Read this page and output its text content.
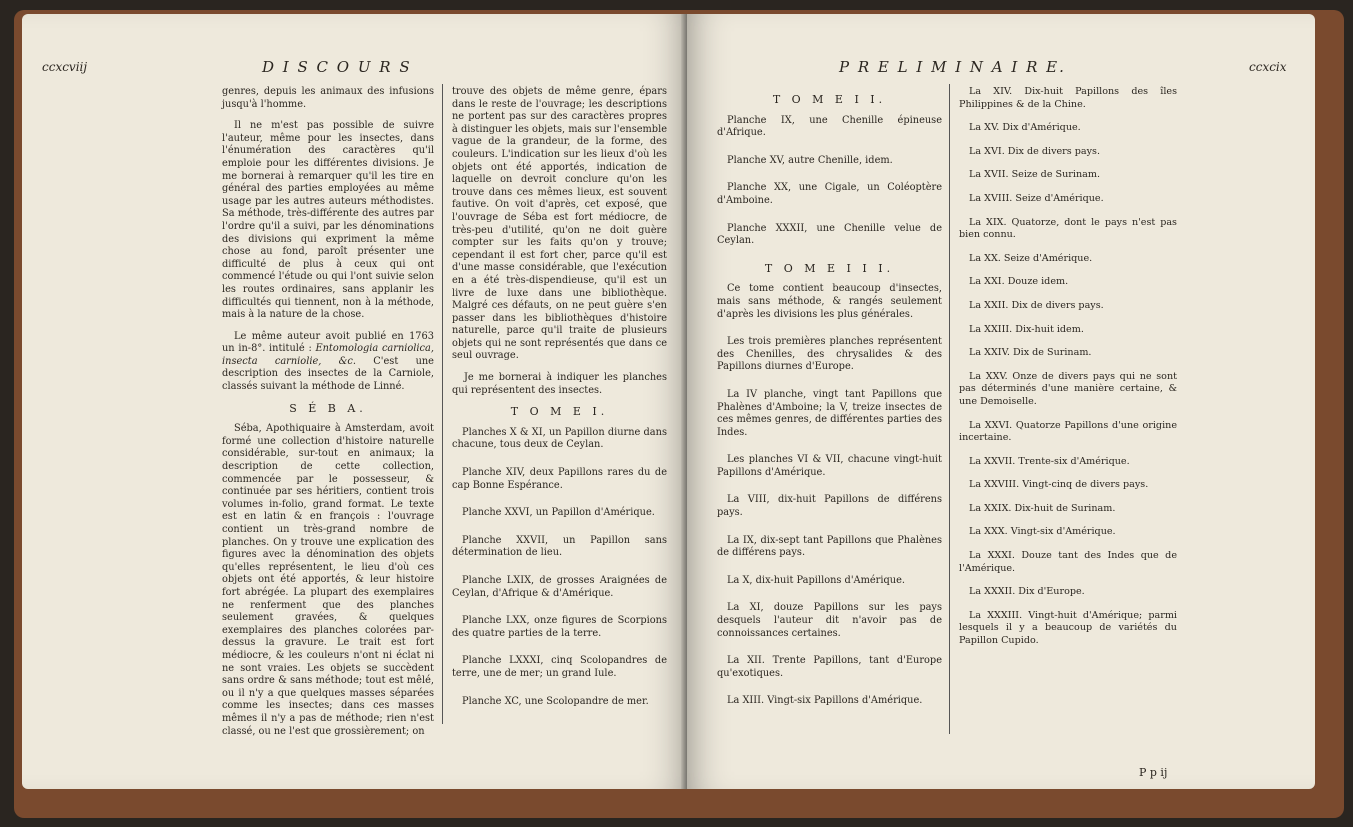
ccxcviij	D I S C O U R S

genres, depuis les animaux des infusions jusqu'à l'homme.

Il ne m'est pas possible de suivre l'auteur, même pour les insectes, dans l'énumération des caractères qu'il emploie pour les différentes divisions. Je me bornerai à remarquer qu'il les tire en général des parties employées au même usage par les autres auteurs méthodistes. Sa méthode, très-différente des autres par l'ordre qu'il a suivi, par les dénominations des divisions qui expriment la même chose au fond, paroît présenter une difficulté de plus à ceux qui ont commencé l'étude ou qui l'ont suivie selon les routes ordinaires, sans applanir les difficultés qui tiennent, non à la méthode, mais à la nature de la chose.

Le même auteur avoit publié en 1763 un in-8°. intitulé : Entomologia carniolica, insecta carniolie, &c. C'est une description des insectes de la Carniole, classés suivant la méthode de Linné.

S É B A.

Séba, Apothiquaire à Amsterdam, avoit formé une collection d'histoire naturelle considérable, sur-tout en animaux; la description de cette collection, commencée par le possesseur, & continuée par ses héritiers, contient trois volumes in-folio, grand format. Le texte est en latin & en françois : l'ouvrage contient un très-grand nombre de planches. On y trouve une explication des figures avec la dénomination des objets qu'elles représentent, le lieu d'où ces objets ont été apportés, & leur histoire fort abrégée. La plupart des exemplaires ne renferment que des planches seulement gravées, & quelques exemplaires des planches colorées par-dessus la gravure. Le trait est fort médiocre, & les couleurs n'ont ni éclat ni ne sont vraies. Les objets se succèdent sans ordre & sans méthode; tout est mêlé, ou il n'y a que quelques masses séparées comme les insectes; dans ces masses mêmes il n'y a pas de méthode; rien n'est classé, ou ne l'est que grossièrement; on

trouve des objets de même genre, épars dans le reste de l'ouvrage; les descriptions ne portent pas sur des caractères propres à distinguer les objets, mais sur l'ensemble vague de la grandeur, de la forme, des couleurs. L'indication sur les lieux d'où les objets ont été apportés, indication de laquelle on devroit conclure qu'on les trouve dans ces mêmes lieux, est souvent fautive. On voit d'après, cet exposé, que l'ouvrage de Séba est fort médiocre, de très-peu d'utilité, qu'on ne doit guère compter sur les faits qu'on y trouve; cependant il est fort cher, parce qu'il est d'une masse considérable, que l'exécution en a été très-dispendieuse, qu'il est un livre de luxe dans une bibliothèque. Malgré ces défauts, on ne peut guère s'en passer dans les bibliothèques d'histoire naturelle, parce qu'il traite de plusieurs objets qui ne sont représentés que dans ce seul ouvrage.

Je me bornerai à indiquer les planches qui représentent des insectes.

T O M E I.

Planches X & XI, un Papillon diurne dans chacune, tous deux de Ceylan.

Planche XIV, deux Papillons rares du de cap Bonne Espérance.

Planche XXVI, un Papillon d'Amérique.

Planche XXVII, un Papillon sans détermination de lieu.

Planche LXIX, de grosses Araignées de Ceylan, d'Afrique & d'Amérique.

Planche LXX, onze figures de Scorpions des quatre parties de la terre.

Planche LXXXI, cinq Scolopandres de terre, une de mer; un grand Iule.

Planche XC, une Scolopandre de mer.

P R E L I M I N A I R E.	ccxcix
T O M E I I.

Planche IX, une Chenille épineuse d'Afrique.

Planche XV, autre Chenille, idem.

Planche XX, une Cigale, un Coléoptère d'Amboine.

Planche XXXII, une Chenille velue de Ceylan.

T O M E I I I.

Ce tome contient beaucoup d'insectes, mais sans méthode, & rangés seulement d'après les divisions les plus générales.

Les trois premières planches représentent des Chenilles, des chrysalides & des Papillons diurnes d'Europe.

La IV planche, vingt tant Papillons que Phalènes d'Amboine; la V, treize insectes de ces mêmes genres, de différentes parties des Indes.

Les planches VI & VII, chacune vingt-huit Papillons d'Amérique.

La VIII, dix-huit Papillons de différens pays.

La IX, dix-sept tant Papillons que Phalènes de différens pays.

La X, dix-huit Papillons d'Amérique.

La XI, douze Papillons sur les pays desquels l'auteur dit n'avoir pas de connoissances certaines.

La XII. Trente Papillons, tant d'Europe qu'exotiques.

La XIII. Vingt-six Papillons d'Amérique.

La XIV. Dix-huit Papillons des îles Philippines & de la Chine.

La XV. Dix d'Amérique.

La XVI. Dix de divers pays.

La XVII. Seize de Surinam.

La XVIII. Seize d'Amérique.

La XIX. Quatorze, dont le pays n'est pas bien connu.

La XX. Seize d'Amérique.

La XXI. Douze idem.

La XXII. Dix de divers pays.

La XXIII. Dix-huit idem.

La XXIV. Dix de Surinam.

La XXV. Onze de divers pays qui ne sont pas déterminés d'une manière certaine, & une Demoiselle.

La XXVI. Quatorze Papillons d'une origine incertaine.

La XXVII. Trente-six d'Amérique.

La XXVIII. Vingt-cinq de divers pays.

La XXIX. Dix-huit de Surinam.

La XXX. Vingt-six d'Amérique.

La XXXI. Douze tant des Indes que de l'Amérique.

La XXXII. Dix d'Europe.

La XXXIII. Vingt-huit d'Amérique; parmi lesquels il y a beaucoup de variétés du Papillon Cupido.

P p ij
